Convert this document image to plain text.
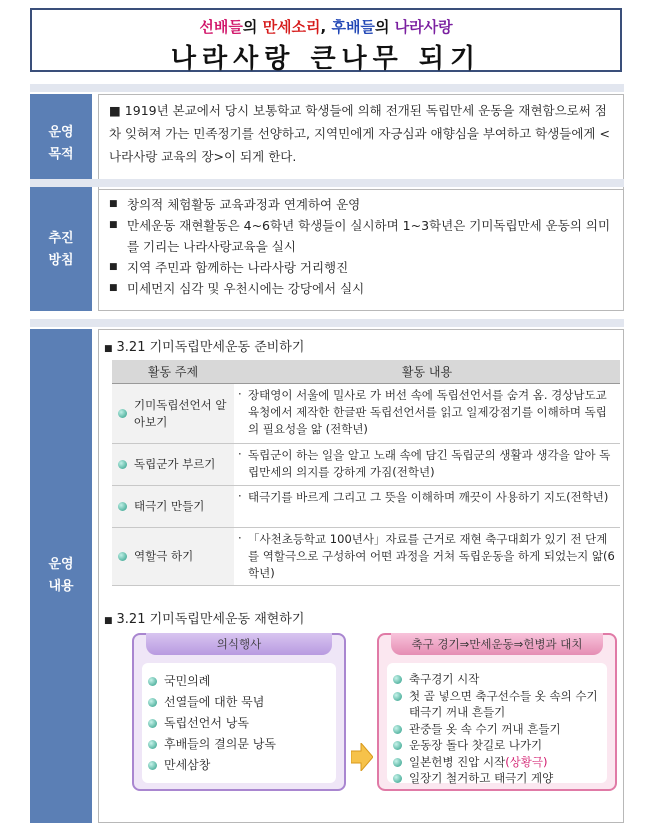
선배들의 만세소리, 후배들의 나라사랑
나라사랑 큰나무 되기
운영
목적
■ 1919년 본교에서 당시 보통학교 학생들에 의해 전개된 독립만세 운동을 재현함으로써 점차 잊혀져 가는 민족정기를 선양하고, 지역민에게 자긍심과 애향심을 부여하고 학생들에게 <나라사랑 교육의 장>이 되게 한다.
추진
방침
■ 창의적 체험활동 교육과정과 연계하여 운영
■ 만세운동 재현활동은 4~6학년 학생들이 실시하며 1~3학년은 기미독립만세 운동의 의미를 기리는 나라사랑교육을 실시
■ 지역 주민과 함께하는 나라사랑 거리행진
■ 미세먼지 심각 및 우천시에는 강당에서 실시
운영
내용
■ 3.21 기미독립만세운동 준비하기
활동 주제	활동 내용

기미독립선언서 알아보기	· 장태영이 서울에 밀사로 가 버선 속에 독립선언서를 숨겨 옴. 경상남도교육청에서 제작한 한글판 독립선언서를 읽고 일제강점기를 이해하며 독립의 필요성을 앎 (전학년)

독립군가 부르기	· 독립군이 하는 일을 알고 노래 속에 담긴 독립군의 생활과 생각을 알아 독립만세의 의지를 강하게 가짐(전학년)

태극기 만들기	· 태극기를 바르게 그리고 그 뜻을 이해하며 깨끗이 사용하기 지도(전학년)

역할극 하기	· 「사천초등학교 100년사」자료를 근거로 재현 축구대회가 있기 전 단계를 역할극으로 구성하여 어떤 과정을 거쳐 독립운동을 하게 되었는지 앎(6학년)
■ 3.21 기미독립만세운동 재현하기
의식행사
국민의례
선열들에 대한 묵념
독립선언서 낭독
후배들의 결의문 낭독
만세삼창
축구 경기⇒만세운동⇒헌병과 대치
축구경기 시작
첫 골 넣으면 축구선수들 옷 속의 수기 태극기 꺼내 흔들기
관중들 옷 속 수기 꺼내 흔들기
운동장 돌다 찻길로 나가기
일본헌병 진압 시작(상황극)
일장기 철거하고 태극기 게양
